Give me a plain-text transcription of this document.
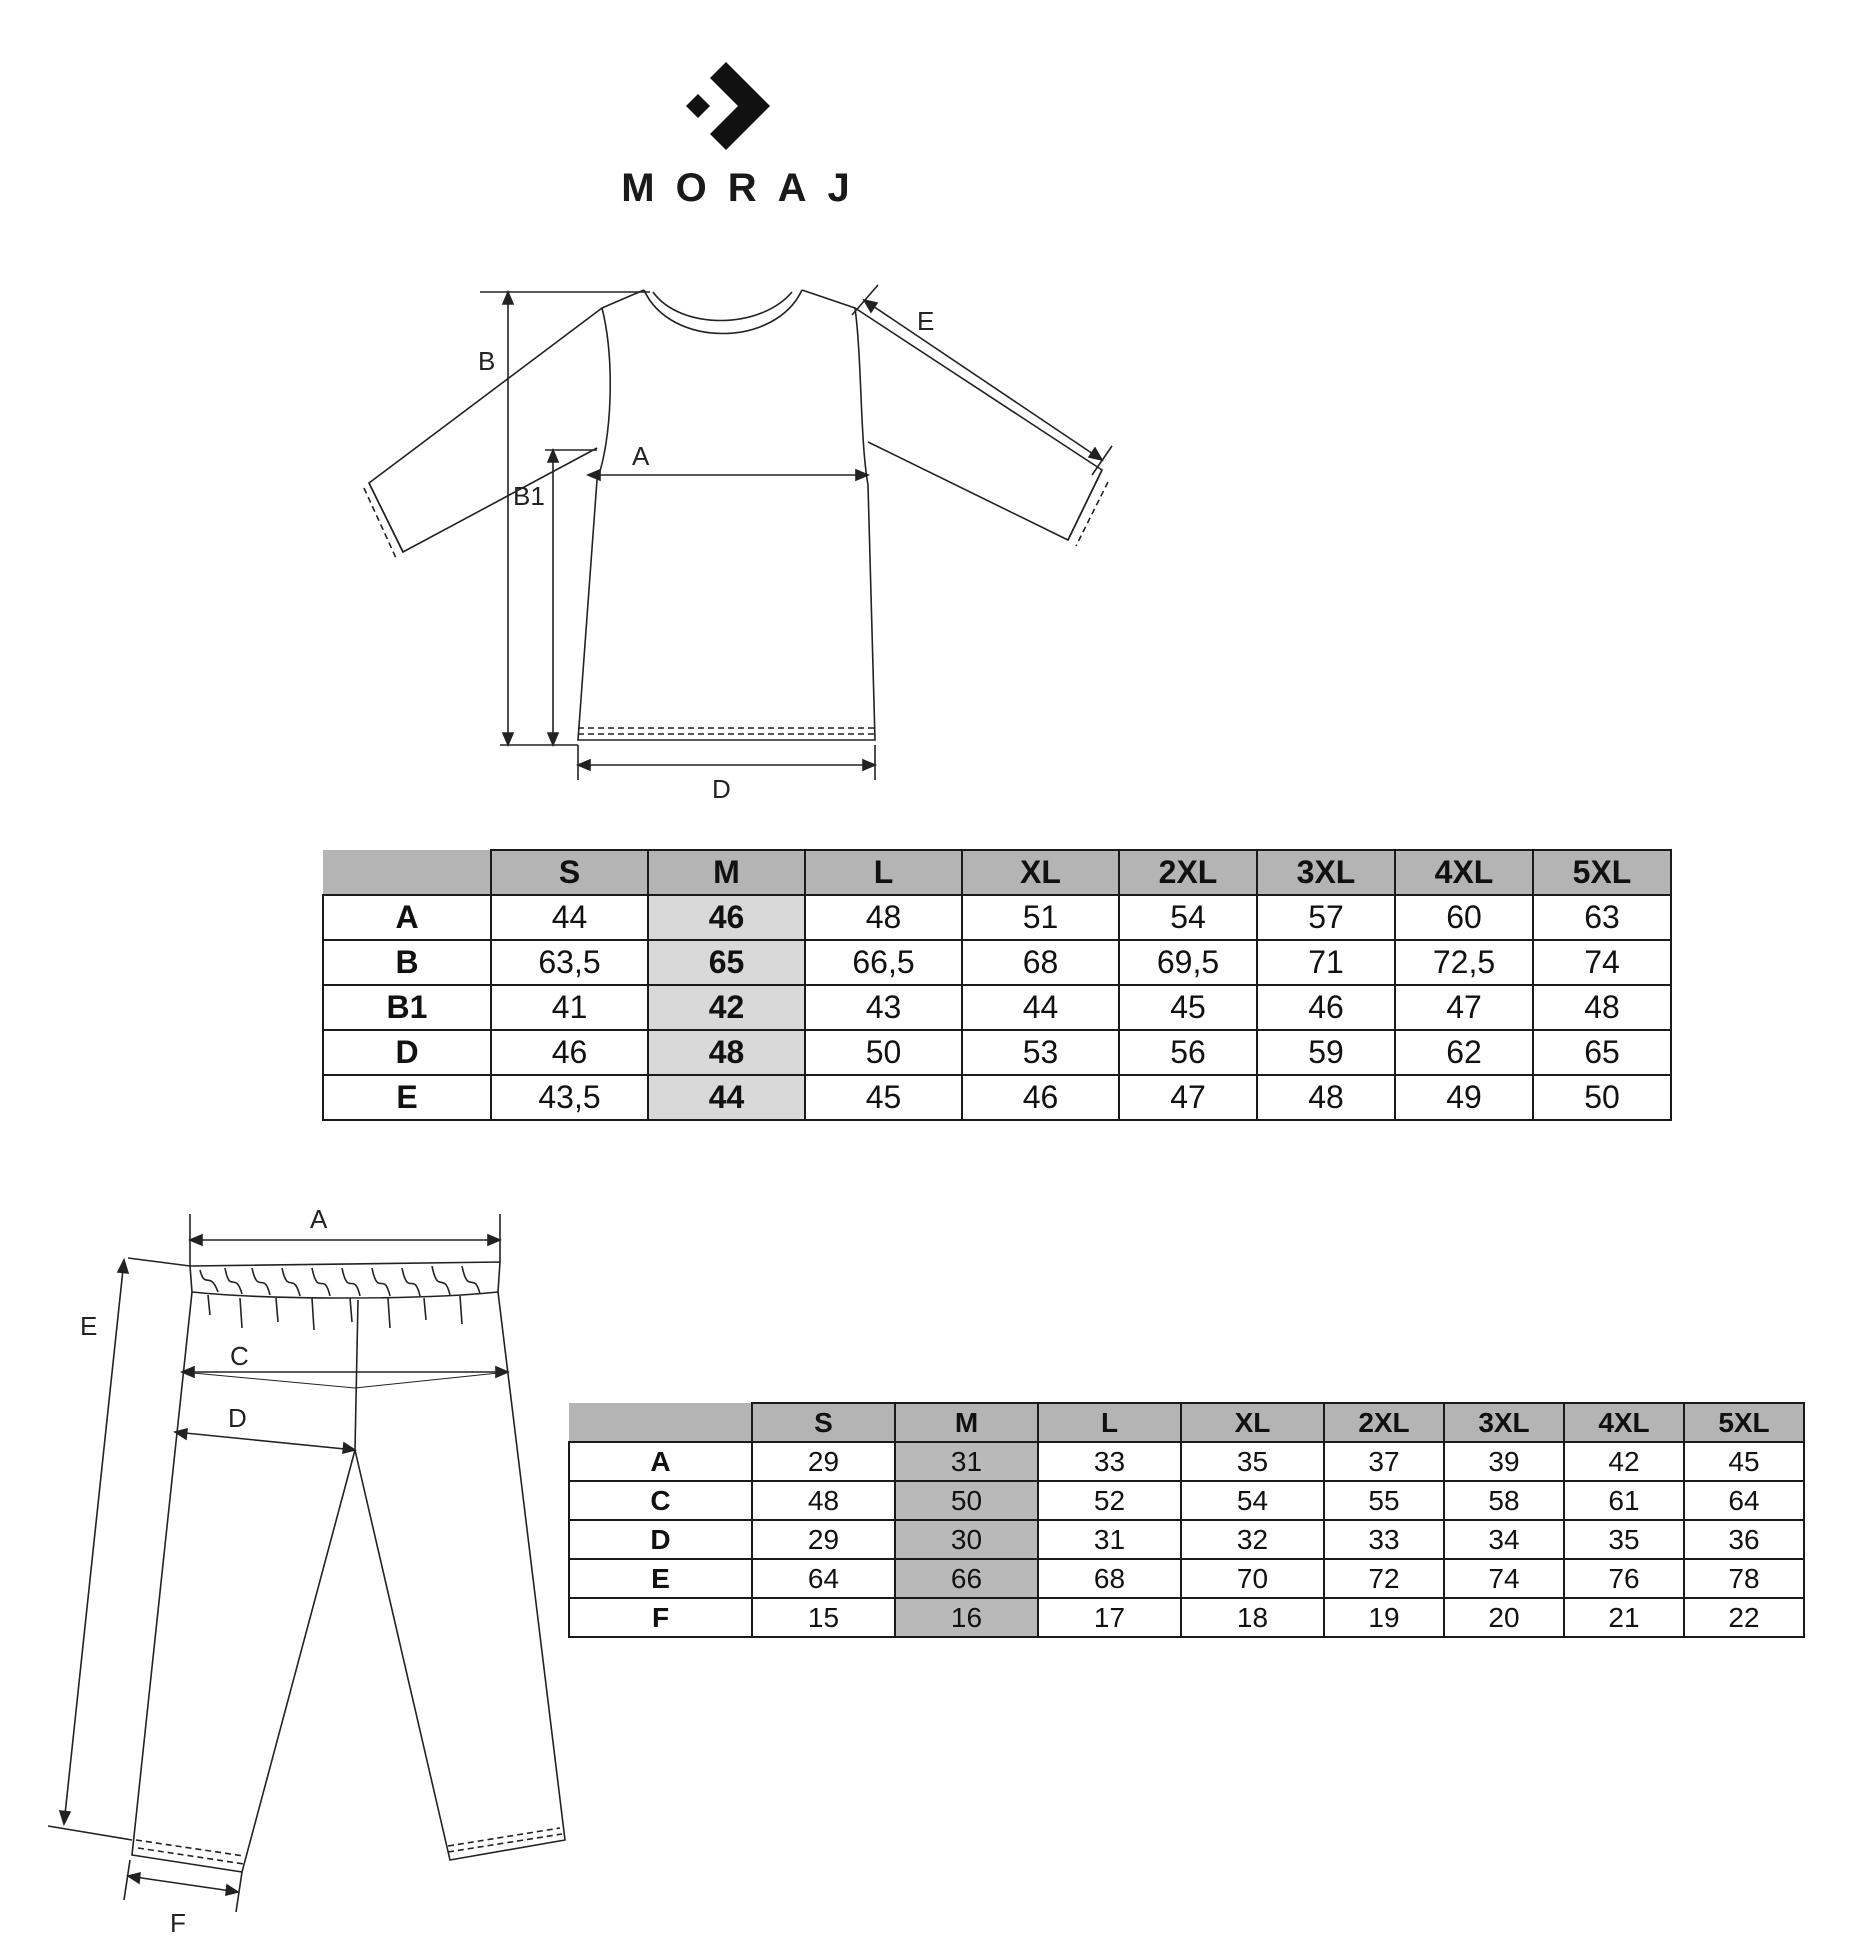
MORAJ
B
E
A
B1
D
	S	M	L	XL	2XL	3XL	4XL	5XL
A	44	46	48	51	54	57	60	63
B	63,5	65	66,5	68	69,5	71	72,5	74
B1	41	42	43	44	45	46	47	48
D	46	48	50	53	56	59	62	65
E	43,5	44	45	46	47	48	49	50
A
E
C
D
F
	S	M	L	XL	2XL	3XL	4XL	5XL
A	29	31	33	35	37	39	42	45
C	48	50	52	54	55	58	61	64
D	29	30	31	32	33	34	35	36
E	64	66	68	70	72	74	76	78
F	15	16	17	18	19	20	21	22
